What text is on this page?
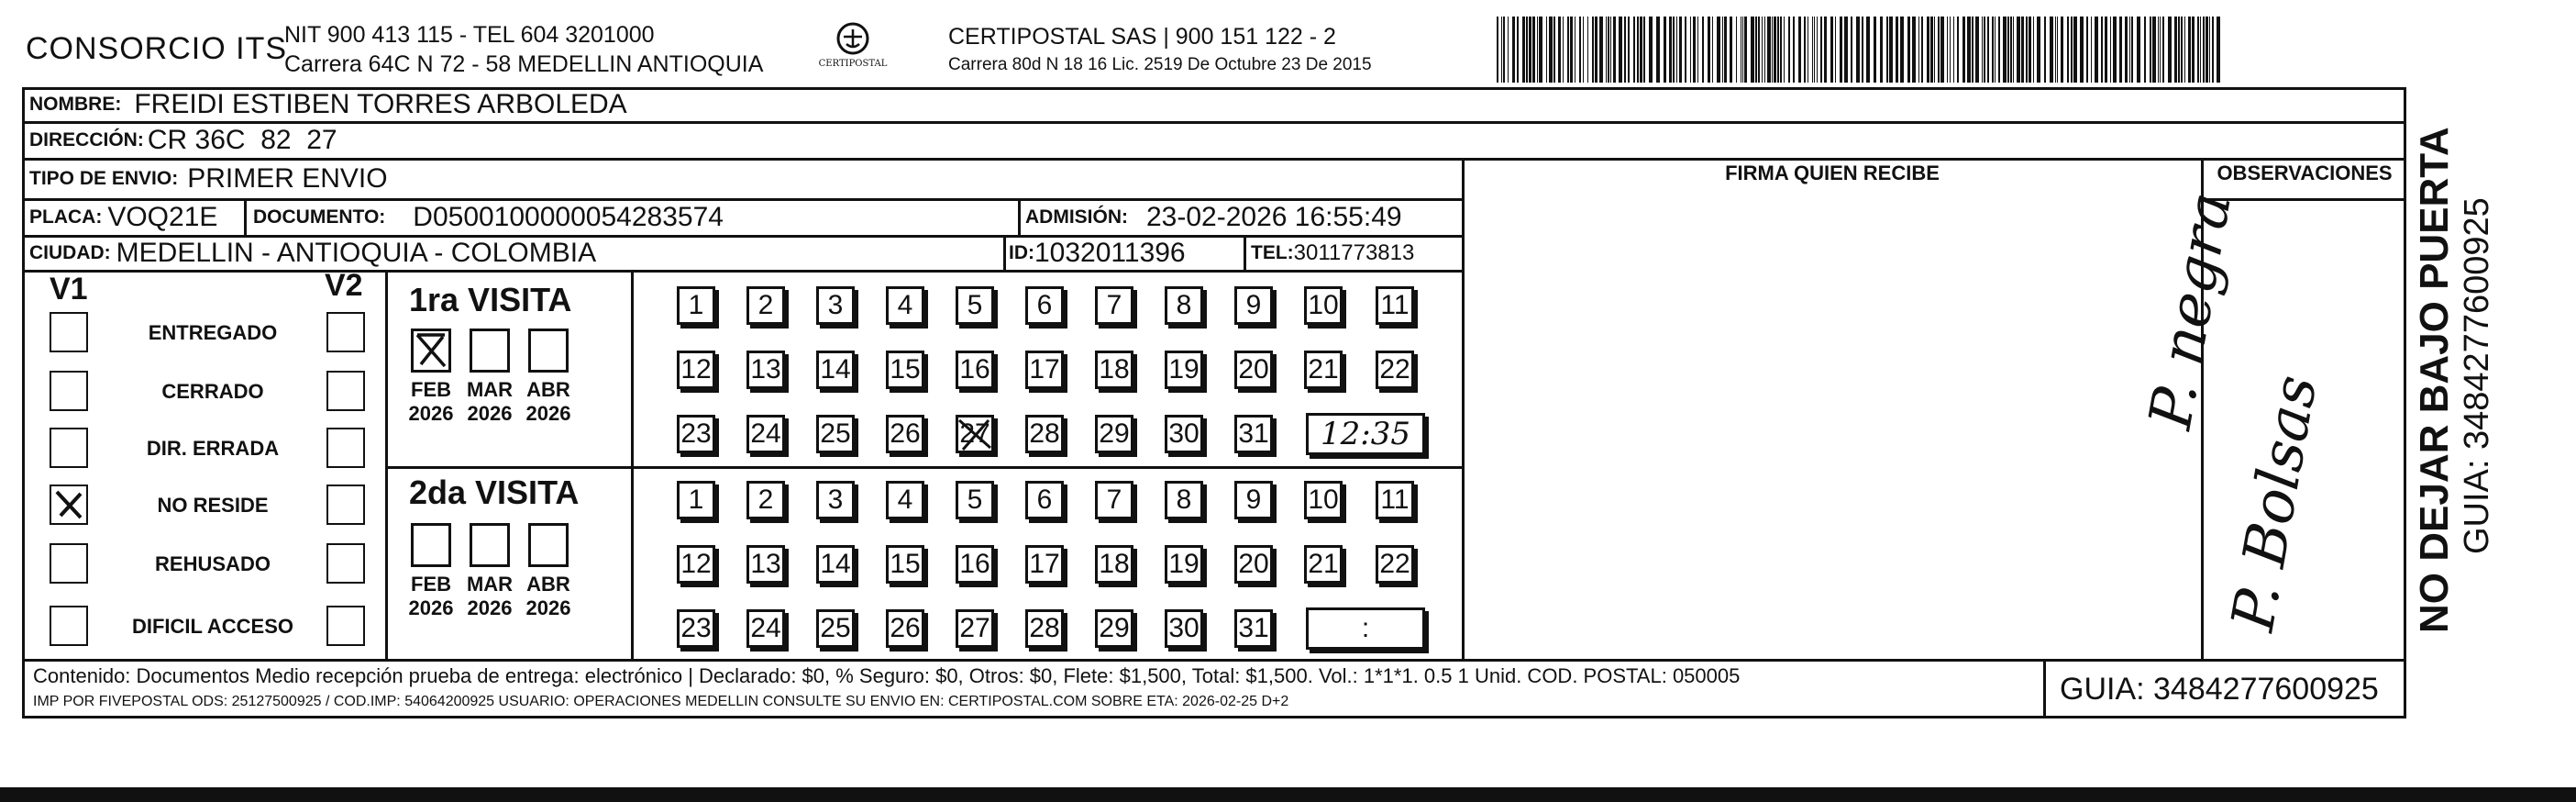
CONSORCIO ITS
NIT 900 413 115 - TEL 604 3201000
Carrera 64C N 72 - 58 MEDELLIN ANTIOQUIA	CERTIPOSTAL
CERTIPOSTAL SAS | 900 151 122 - 2
Carrera 80d N 18 16 Lic. 2519 De Octubre 23 De 2015
NOMBRE: FREIDI ESTIBEN TORRES ARBOLEDA
DIRECCIÓN: CR 36C  82  27
TIPO DE ENVIO: PRIMER ENVIO
PLACA: VOQ21E DOCUMENTO: D0500100000054283574	ADMISIÓN: 23-02-2026 16:55:49
CIUDAD: MEDELLIN - ANTIOQUIA - COLOMBIA	ID: 1032011396	TEL: 3011773813
FIRMA QUIEN RECIBE	OBSERVACIONES
P. negra
P. Bolsas NO DEJAR BAJO PUERTA GUIA: 3484277600925
V1	V2
ENTREGADO
CERRADO
DIR. ERRADA
NO RESIDE
REHUSADO
DIFICIL ACCESO
1ra VISITA
2da VISITA
1	2	3	4	5	6	7	8	9	10 11
12 13 14 15 16 17 18 19 20 21 22
23 24 25 26 27 28 29 30 31	12:35
FEB
2026
MAR
2026
ABR
2026
1	2	3	4	5	6	7	8	9	10 11
12 13 14 15 16 17 18 19 20 21 22
23 24 25 26 27 28 29 30 31	:
FEB
2026
MAR
2026
ABR
2026
Contenido: Documentos Medio recepción prueba de entrega: electrónico | Declarado: $0, % Seguro: $0, Otros: $0, Flete: $1,500, Total: $1,500. Vol.: 1*1*1. 0.5 1 Unid. COD. POSTAL: 050005
IMP POR FIVEPOSTAL ODS: 25127500925 / COD.IMP: 54064200925 USUARIO: OPERACIONES MEDELLIN CONSULTE SU ENVIO EN: CERTIPOSTAL.COM SOBRE ETA: 2026-02-25 D+2	GUIA: 3484277600925
